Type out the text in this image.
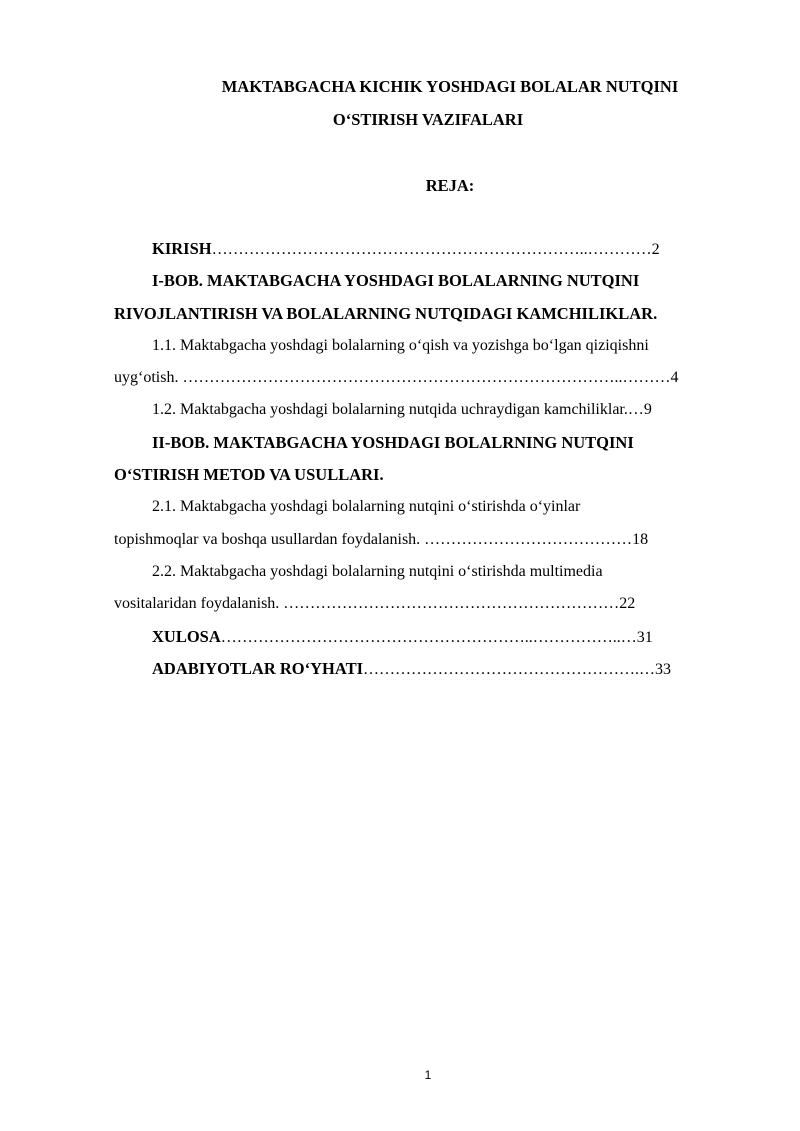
MAKTABGACHA KICHIK YOSHDAGI BOLALAR NUTQINI
O‘STIRISH VAZIFALARI
REJA:
KIRISH……………………………………………………………..…………2
I-BOB. MAKTABGACHA YOSHDAGI BOLALARNING NUTQINI
RIVOJLANTIRISH VA BOLALARNING NUTQIDAGI KAMCHILIKLAR.
1.1. Maktabgacha yoshdagi bolalarning o‘qish va yozishga bo‘lgan qiziqishni
uyg‘otish. ………………………………………………………………………..………4
1.2. Maktabgacha yoshdagi bolalarning nutqida uchraydigan kamchiliklar.…9
II-BOB. MAKTABGACHA YOSHDAGI BOLALRNING NUTQINI
O‘STIRISH METOD VA USULLARI.
2.1. Maktabgacha yoshdagi bolalarning nutqini o‘stirishda o‘yinlar
topishmoqlar va boshqa usullardan foydalanish. …………………………………18
2.2. Maktabgacha yoshdagi bolalarning nutqini o‘stirishda multimedia
vositalaridan foydalanish. ………………………………………………………22
XULOSA…………………………………………………..……………..…31
ADABIYOTLAR RO‘YHATI…………………………………………….…33
1
